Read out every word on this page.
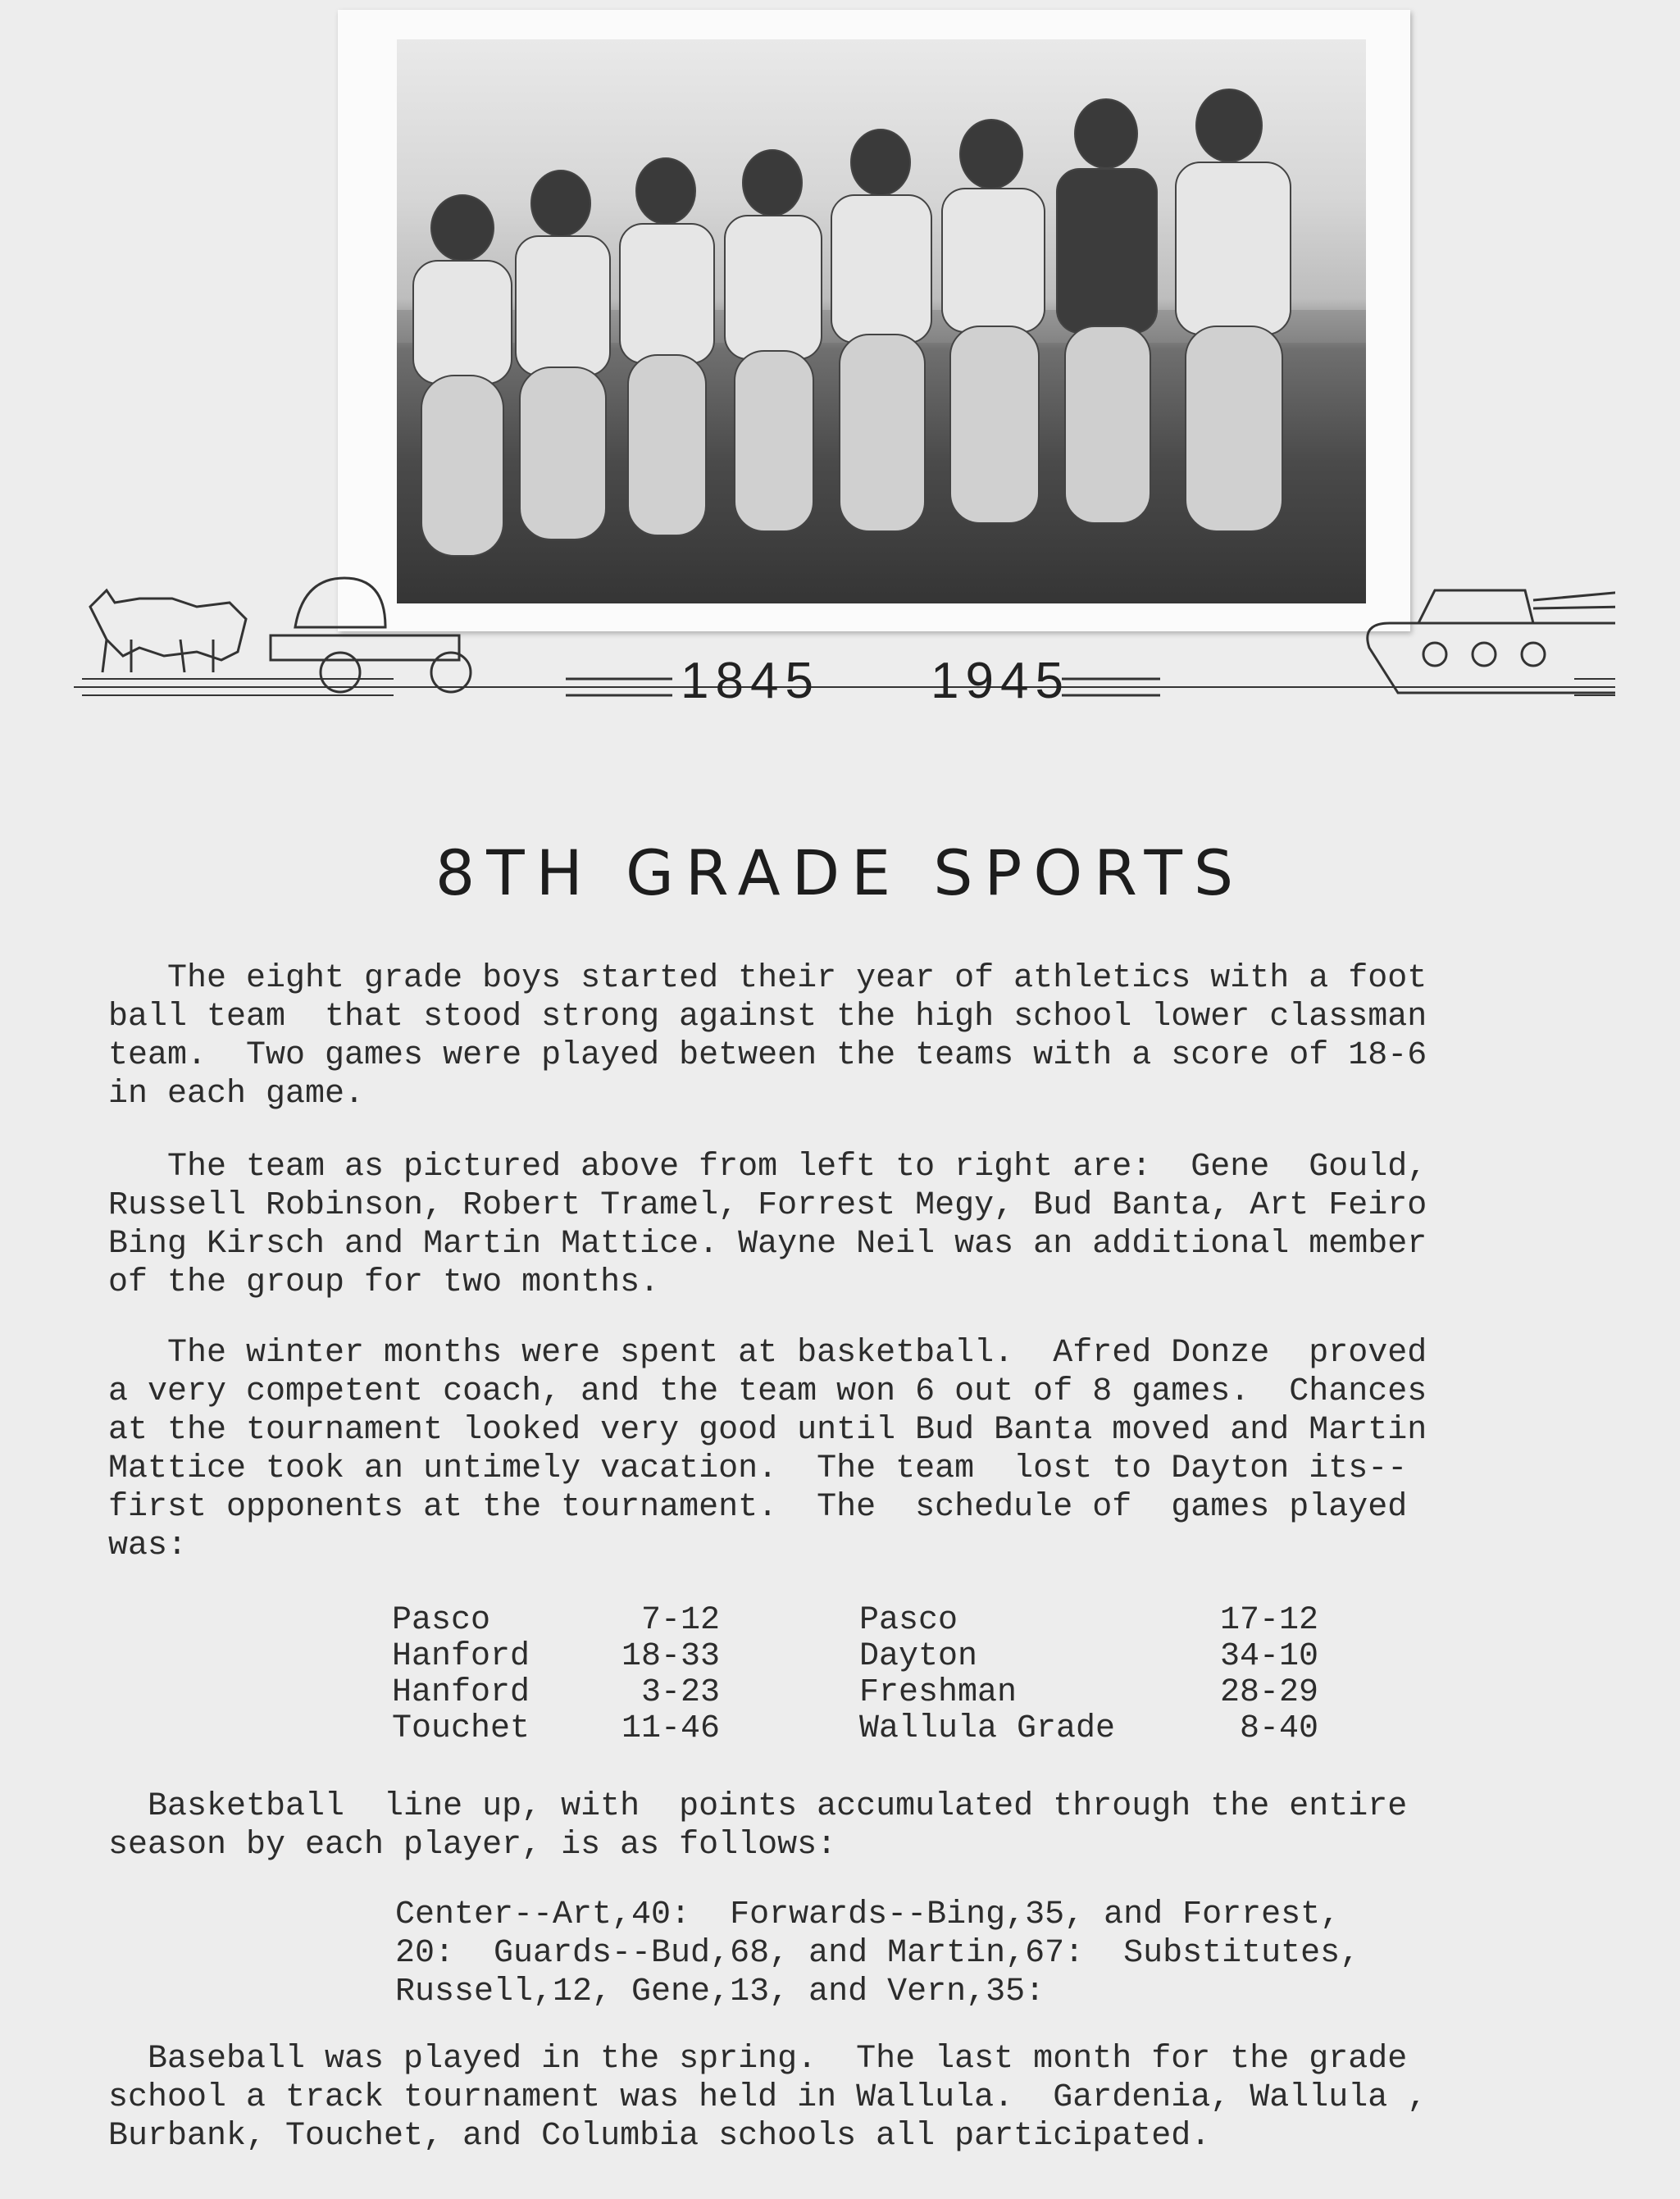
1845 1945
8TH GRADE SPORTS

The eight grade boys started their year of athletics with a foot
ball team  that stood strong against the high school lower classman
team.  Two games were played between the teams with a score of 18-6
in each game.

The team as pictured above from left to right are:  Gene  Gould,
Russell Robinson, Robert Tramel, Forrest Megy, Bud Banta, Art Feiro
Bing Kirsch and Martin Mattice. Wayne Neil was an additional member
of the group for two months.

The winter months were spent at basketball.  Afred Donze  proved
a very competent coach, and the team won 6 out of 8 games.  Chances
at the tournament looked very good until Bud Banta moved and Martin
Mattice took an untimely vacation.  The team  lost to Dayton its--
first opponents at the tournament.  The  schedule of  games played
was:

Pasco	7-12
Hanford	18-33
Hanford	3-23
Touchet	11-46
Pasco	17-12
Dayton	34-10
Freshman	28-29
Wallula Grade	8-40

Basketball  line up, with  points accumulated through the entire
season by each player, is as follows:

Center--Art,40:  Forwards--Bing,35, and Forrest,
20:  Guards--Bud,68, and Martin,67:  Substitutes,
Russell,12, Gene,13, and Vern,35:

Baseball was played in the spring.  The last month for the grade
school a track tournament was held in Wallula.  Gardenia, Wallula ,
Burbank, Touchet, and Columbia schools all participated.
